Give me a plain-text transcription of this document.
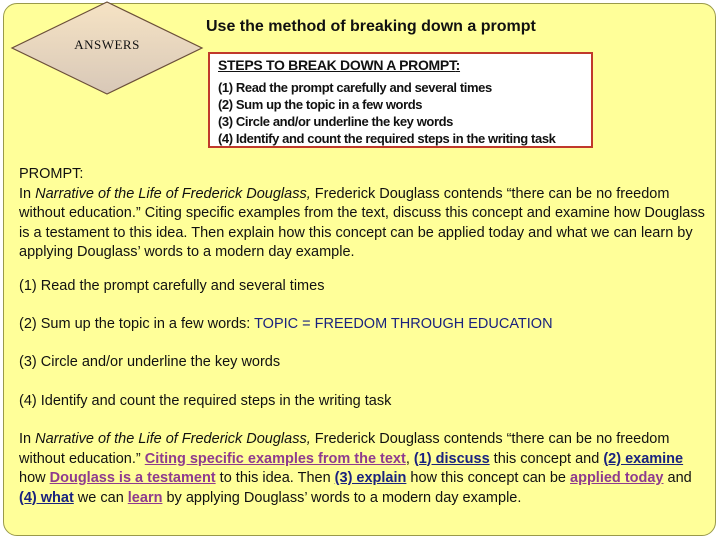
ANSWERS
Use the method of breaking down a prompt
STEPS TO BREAK DOWN A PROMPT:
(1) Read the prompt carefully and several times
(2) Sum up the topic in a few words
(3) Circle and/or underline the key words
(4) Identify and count the required steps in the writing task
PROMPT:
In Narrative of the Life of Frederick Douglass, Frederick Douglass contends “there can be no freedom without education.” Citing specific examples from the text, discuss this concept and examine how Douglass is a testament to this idea. Then explain how this concept can be applied today and what we can learn by applying Douglass’ words to a modern day example.
(1) Read the prompt carefully and several times
(2) Sum up the topic in a few words: TOPIC = FREEDOM THROUGH EDUCATION
(3) Circle and/or underline the key words
(4) Identify and count the required steps in the writing task
In Narrative of the Life of Frederick Douglass, Frederick Douglass contends “there can be no freedom without education.” Citing specific examples from the text, (1) discuss this concept and (2) examine how Douglass is a testament to this idea. Then (3) explain how this concept can be applied today and (4) what we can learn by applying Douglass’ words to a modern day example.
